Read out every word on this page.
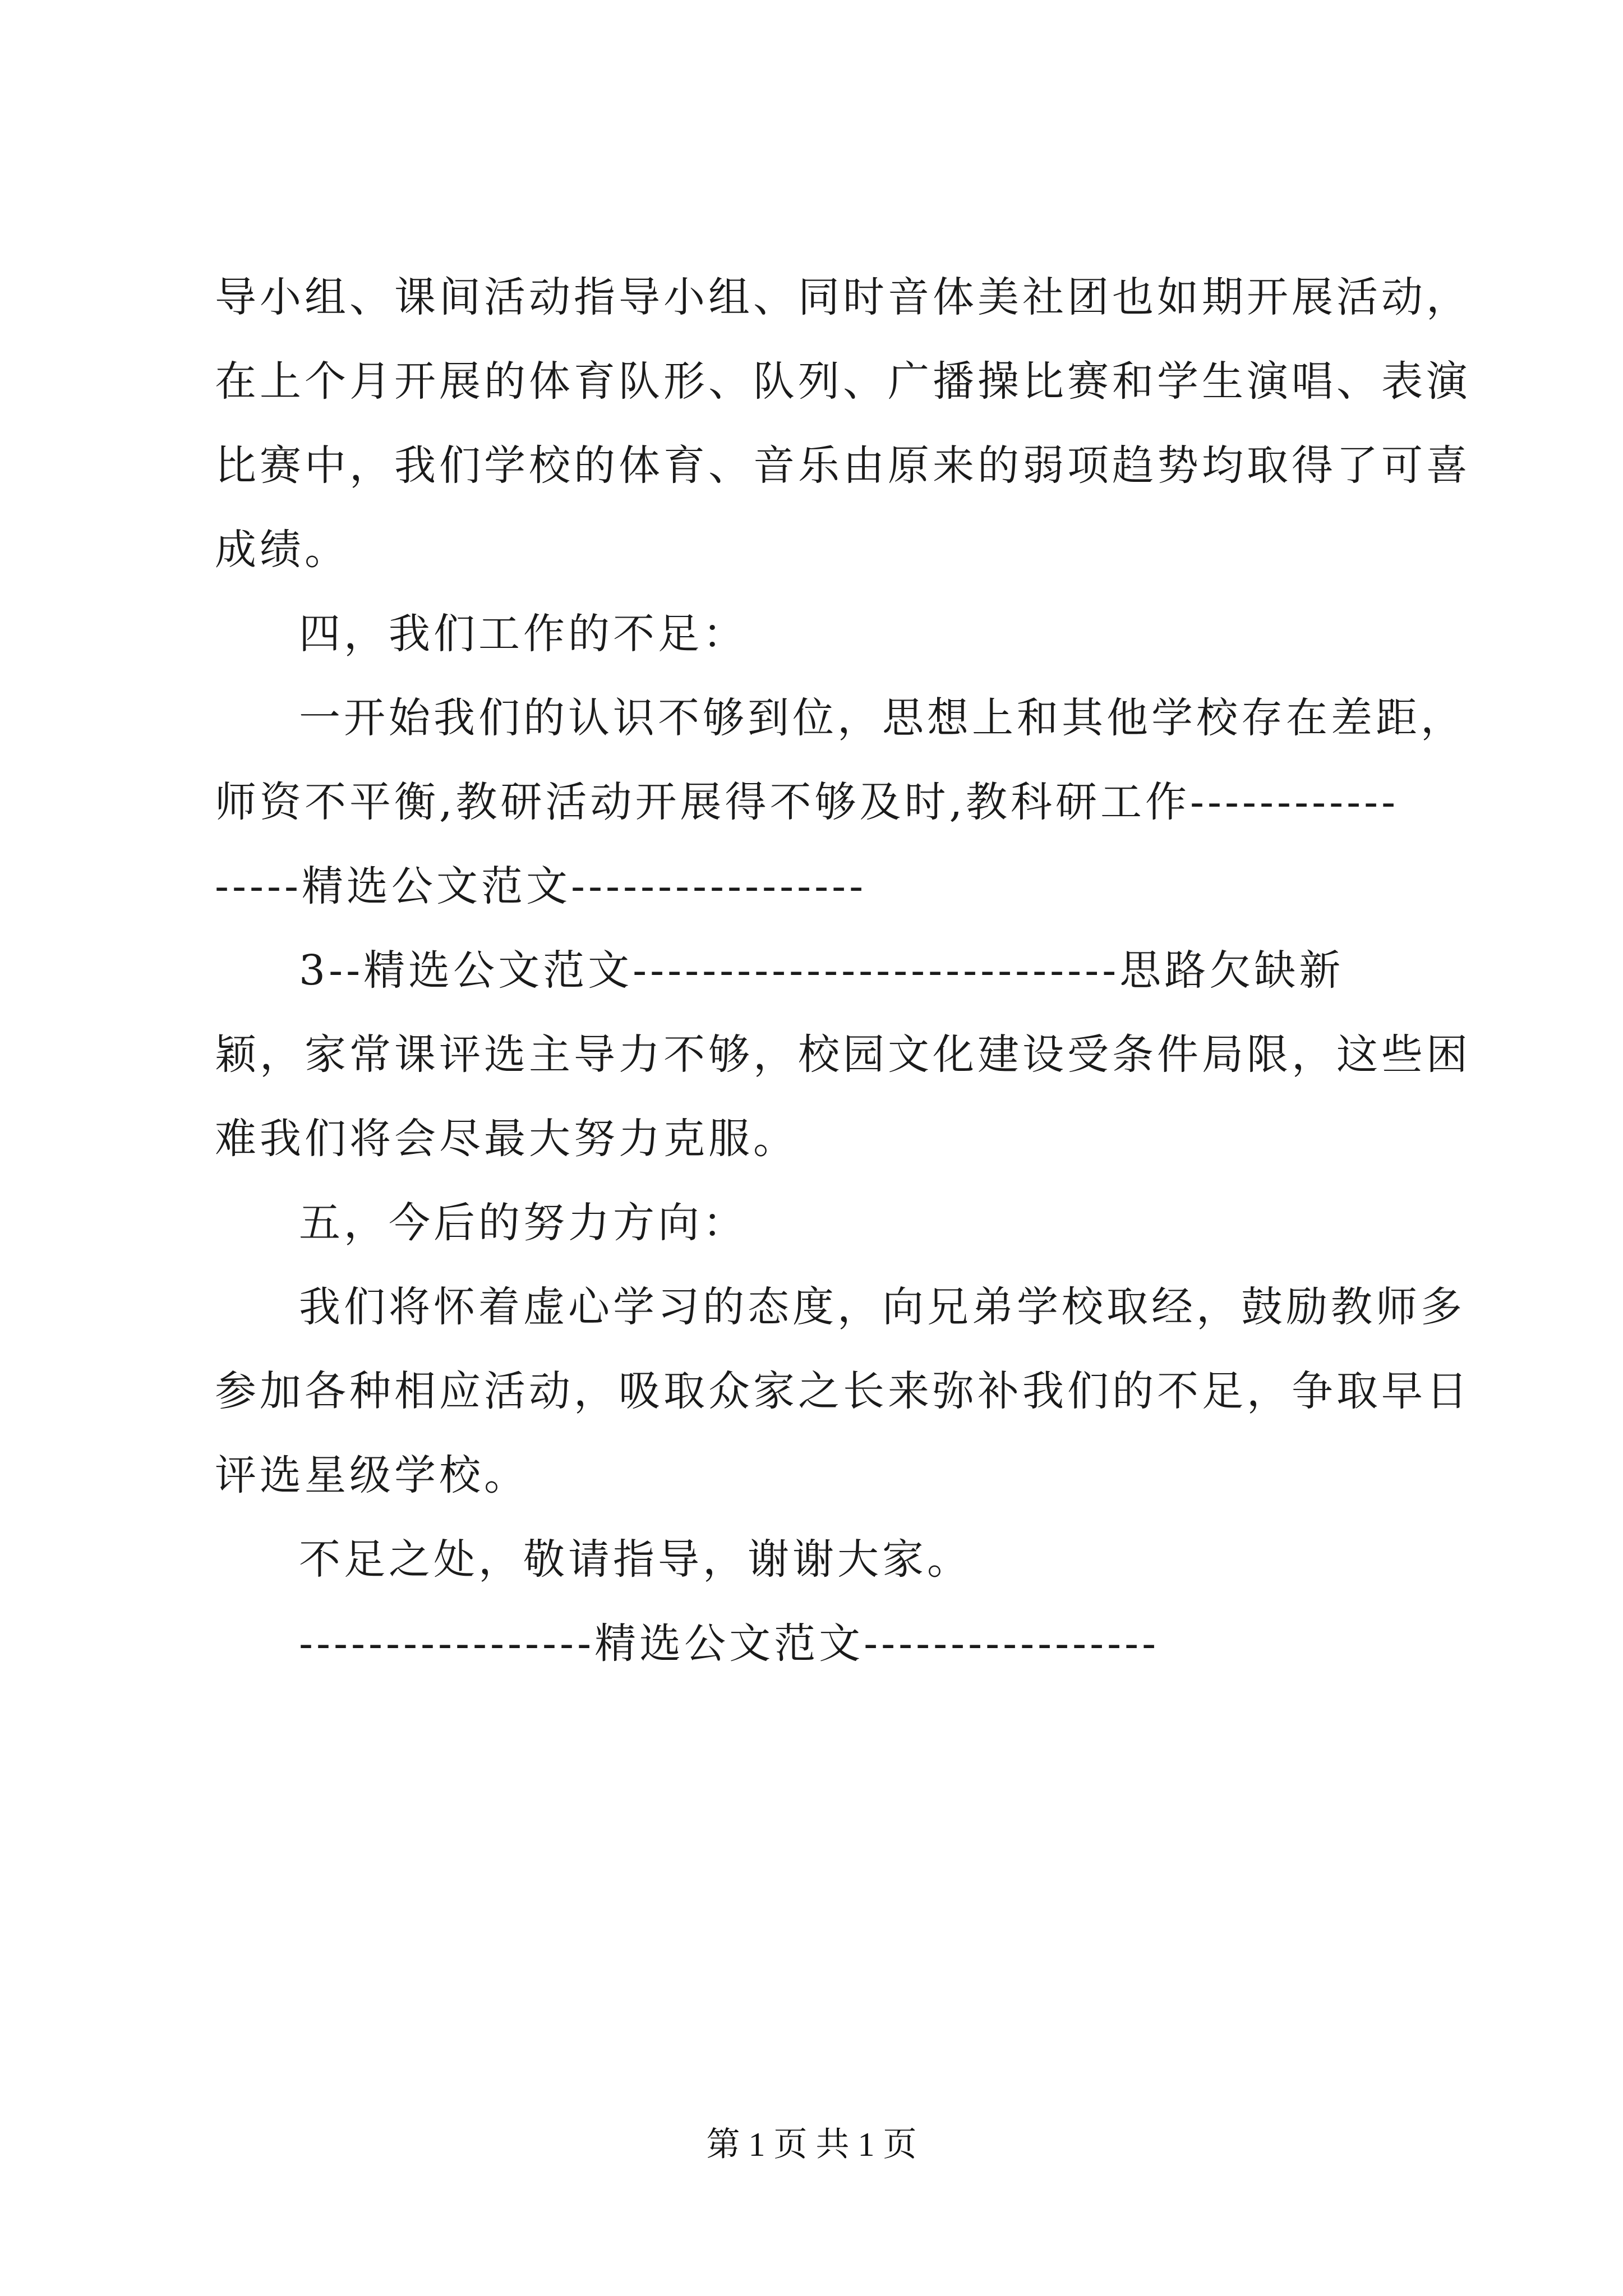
导小组、课间活动指导小组、同时音体美社团也如期开展活动，
在上个月开展的体育队形、队列、广播操比赛和学生演唱、表演
比赛中，我们学校的体育、音乐由原来的弱项趋势均取得了可喜
成绩。
四，我们工作的不足：
一开始我们的认识不够到位，思想上和其他学校存在差距，
师资不平衡,教研活动开展得不够及时,教科研工作------------
-----精选公文范文-----------------
3--精选公文范文----------------------------思路欠缺新
颖，家常课评选主导力不够，校园文化建设受条件局限，这些困
难我们将会尽最大努力克服。
五，今后的努力方向：
我们将怀着虚心学习的态度，向兄弟学校取经，鼓励教师多
参加各种相应活动，吸取众家之长来弥补我们的不足，争取早日
评选星级学校。
不足之处，敬请指导，谢谢大家。
-----------------精选公文范文-----------------
第 1 页 共 1 页
